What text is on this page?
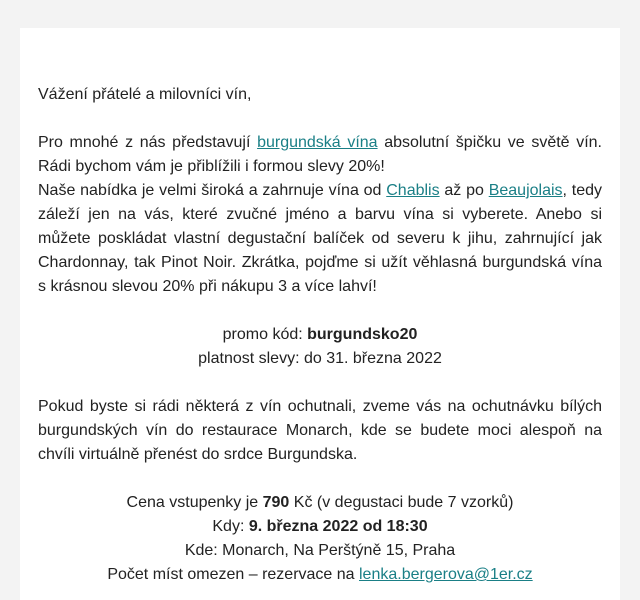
Vážení přátelé a milovníci vín,

Pro mnohé z nás představují burgundská vína absolutní špičku ve světě vín. Rádi bychom vám je přiblížili i formou slevy 20%!

Naše nabídka je velmi široká a zahrnuje vína od Chablis až po Beaujolais, tedy záleží jen na vás, které zvučné jméno a barvu vína si vyberete. Anebo si můžete poskládat vlastní degustační balíček od severu k jihu, zahrnující jak Chardonnay, tak Pinot Noir. Zkrátka, pojďme si užít věhlasná burgundská vína s krásnou slevou 20% při nákupu 3 a více lahví!

promo kód: burgundsko20
platnost slevy: do 31. března 2022

Pokud byste si rádi některá z vín ochutnali, zveme vás na ochutnávku bílých burgundských vín do restaurace Monarch, kde se budete moci alespoň na chvíli virtuálně přenést do srdce Burgundska.

Cena vstupenky je 790 Kč (v degustaci bude 7 vzorků)
Kdy: 9. března 2022 od 18:30
Kde: Monarch, Na Perštýně 15, Praha
Počet míst omezen – rezervace na lenka.bergerova@1er.cz
